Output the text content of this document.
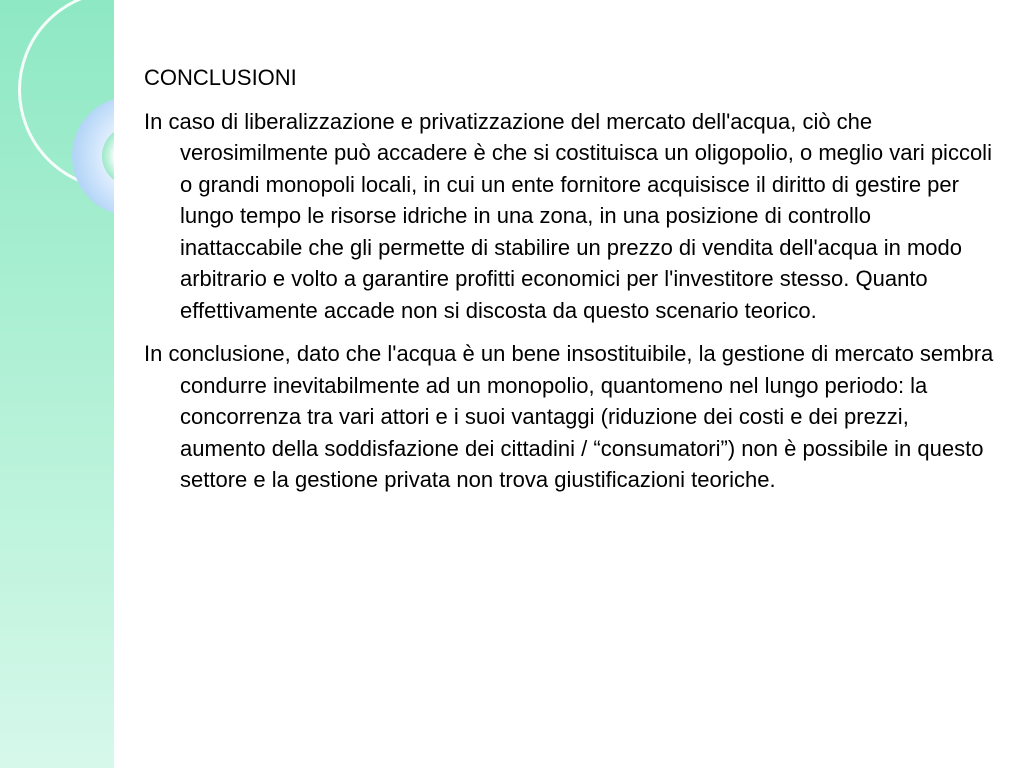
CONCLUSIONI

In caso di liberalizzazione e privatizzazione del mercato dell'acqua, ciò che verosimilmente può accadere è che si costituisca un oligopolio, o meglio vari piccoli o grandi monopoli locali, in cui un ente fornitore acquisisce il diritto di gestire per lungo tempo le risorse idriche in una zona, in una posizione di controllo inattaccabile che gli permette di stabilire un prezzo di vendita dell'acqua in modo arbitrario e volto a garantire profitti economici per l'investitore stesso. Quanto effettivamente accade non si discosta da questo scenario teorico.

In conclusione, dato che l'acqua è un bene insostituibile, la gestione di mercato sembra condurre inevitabilmente ad un monopolio, quantomeno nel lungo periodo: la concorrenza tra vari attori e i suoi vantaggi (riduzione dei costi e dei prezzi, aumento della soddisfazione dei cittadini / “consumatori”) non è possibile in questo settore e la gestione privata non trova giustificazioni teoriche.
